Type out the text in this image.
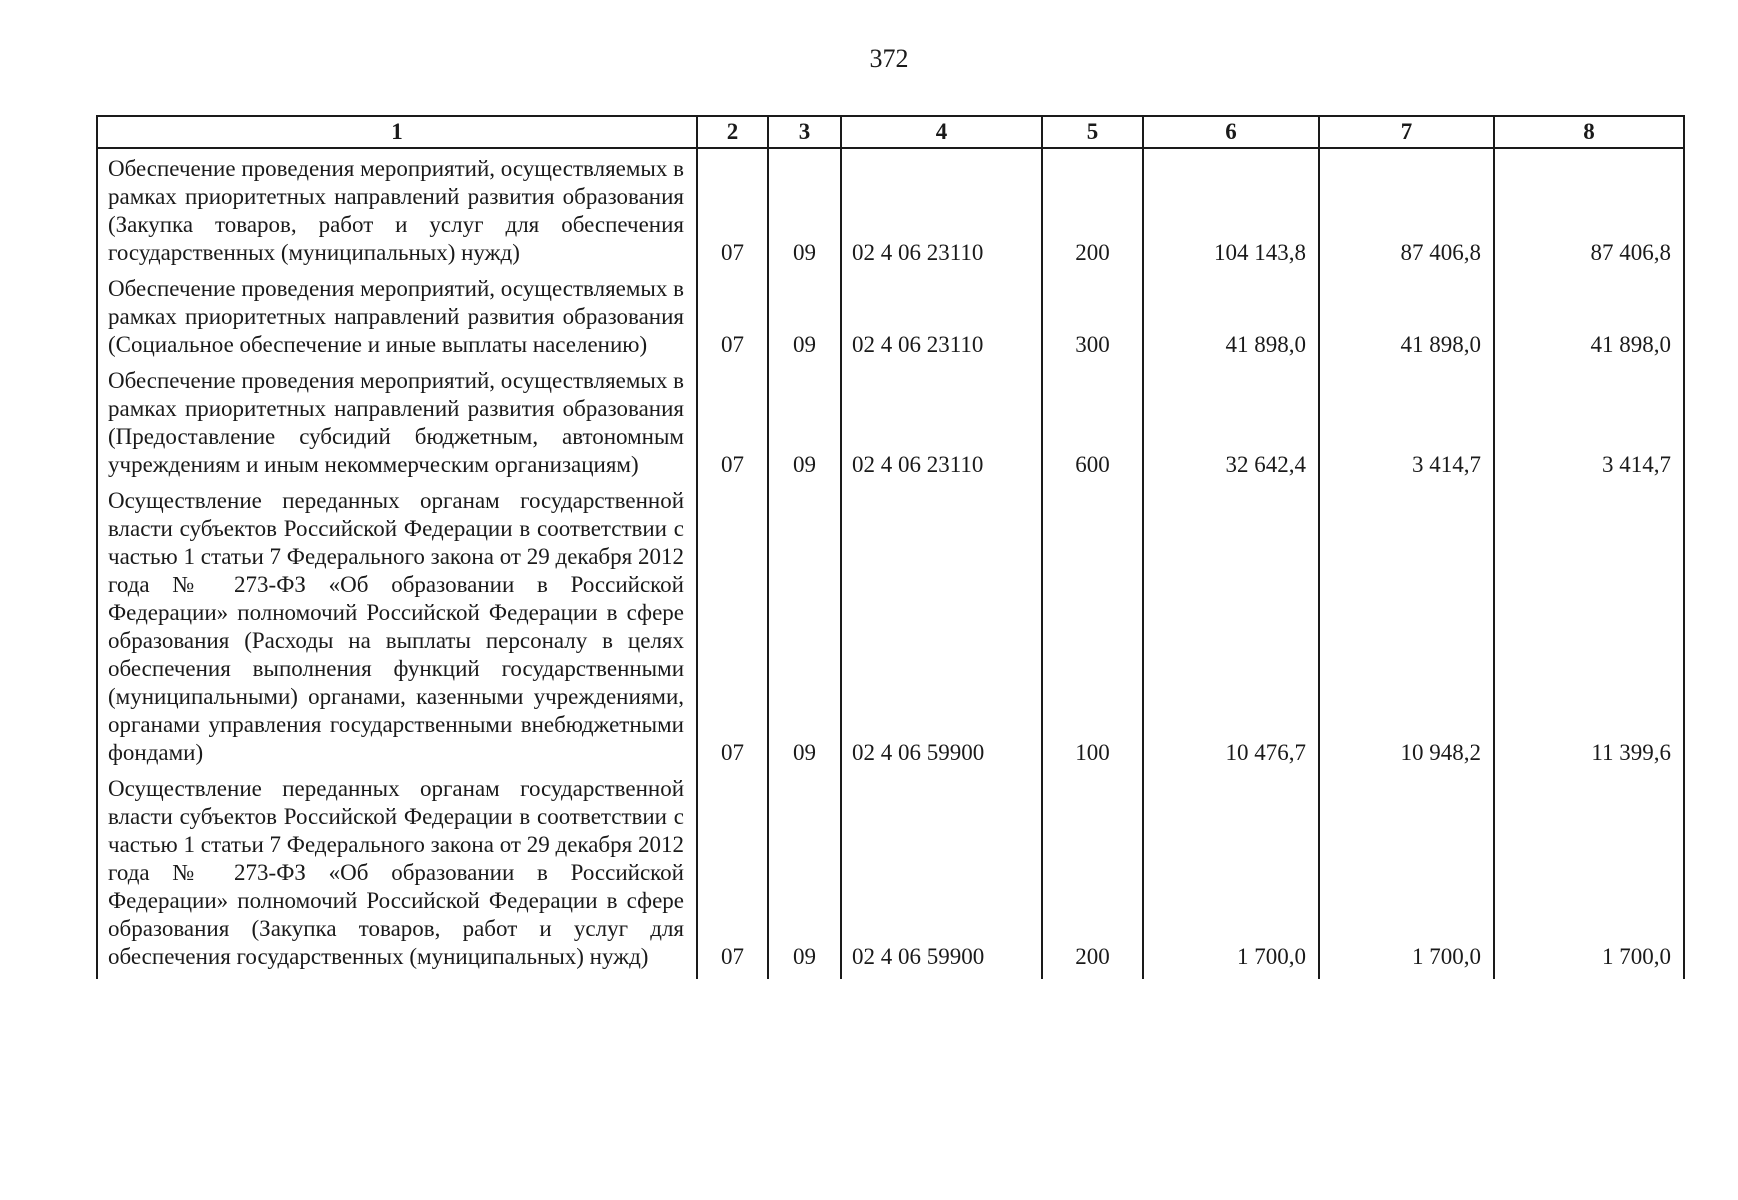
372
1	2	3	4	5	6	7	8
Обеспечение проведения мероприятий, осуществляемых в рамках приоритетных направлений развития образования (Закупка товаров, работ и услуг для обеспечения государственных (муниципальных) нужд)	07	09	02 4 06 23110	200	104 143,8	87 406,8	87 406,8
Обеспечение проведения мероприятий, осуществляемых в рамках приоритетных направлений развития образования (Социальное обеспечение и иные выплаты населению)	07	09	02 4 06 23110	300	41 898,0	41 898,0	41 898,0
Обеспечение проведения мероприятий, осуществляемых в рамках приоритетных направлений развития образования (Предоставление субсидий бюджетным, автономным учреждениям и иным некоммерческим организациям)	07	09	02 4 06 23110	600	32 642,4	3 414,7	3 414,7
Осуществление переданных органам государственной власти субъектов Российской Федерации в соответствии с частью 1 статьи 7 Федерального закона от 29 декабря 2012 года № 273-ФЗ «Об образовании в Российской Федерации» полномочий Российской Федерации в сфере образования (Расходы на выплаты персоналу в целях обеспечения выполнения функций государственными (муниципальными) органами, казенными учреждениями, органами управления государственными внебюджетными фондами)	07	09	02 4 06 59900	100	10 476,7	10 948,2	11 399,6
Осуществление переданных органам государственной власти субъектов Российской Федерации в соответствии с частью 1 статьи 7 Федерального закона от 29 декабря 2012 года № 273-ФЗ «Об образовании в Российской Федерации» полномочий Российской Федерации в сфере образования (Закупка товаров, работ и услуг для обеспечения государственных (муниципальных) нужд)	07	09	02 4 06 59900	200	1 700,0	1 700,0	1 700,0
